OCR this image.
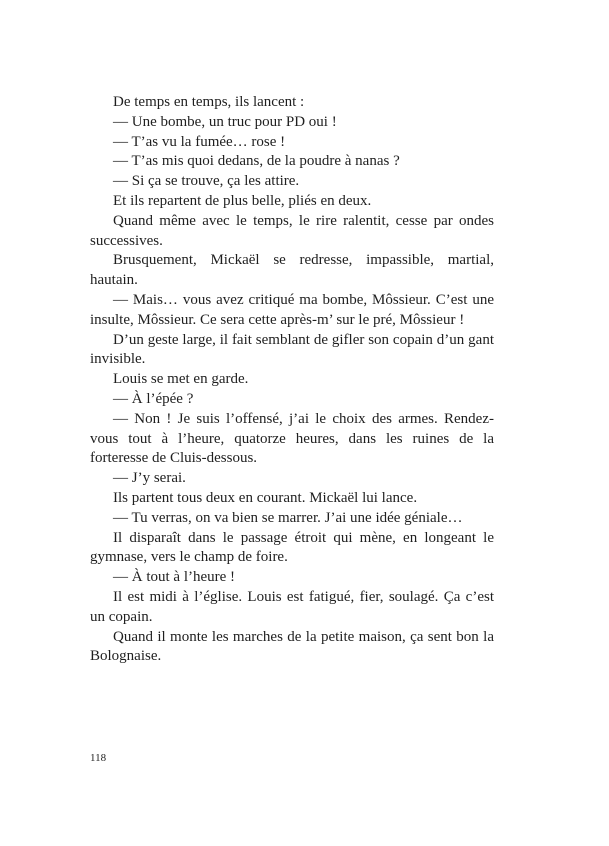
De temps en temps, ils lancent :

— Une bombe, un truc pour PD oui !

— T’as vu la fumée… rose !

— T’as mis quoi dedans, de la poudre à nanas ?

— Si ça se trouve, ça les attire.

Et ils repartent de plus belle, pliés en deux.

Quand même avec le temps, le rire ralentit, cesse par ondes successives.

Brusquement, Mickaël se redresse, impassible, martial, hautain.

— Mais… vous avez critiqué ma bombe, Môssieur. C’est une insulte, Môssieur. Ce sera cette après-m’ sur le pré, Môssieur !

D’un geste large, il fait semblant de gifler son copain d’un gant invisible.

Louis se met en garde.

— À l’épée ?

— Non ! Je suis l’offensé, j’ai le choix des armes. Rendez-vous tout à l’heure, quatorze heures, dans les ruines de la forteresse de Cluis-dessous.

— J’y serai.

Ils partent tous deux en courant. Mickaël lui lance.

— Tu verras, on va bien se marrer. J’ai une idée géniale…

Il disparaît dans le passage étroit qui mène, en longeant le gymnase, vers le champ de foire.

— À tout à l’heure !

Il est midi à l’église. Louis est fatigué, fier, soulagé. Ça c’est un copain.

Quand il monte les marches de la petite maison, ça sent bon la Bolognaise.

118
